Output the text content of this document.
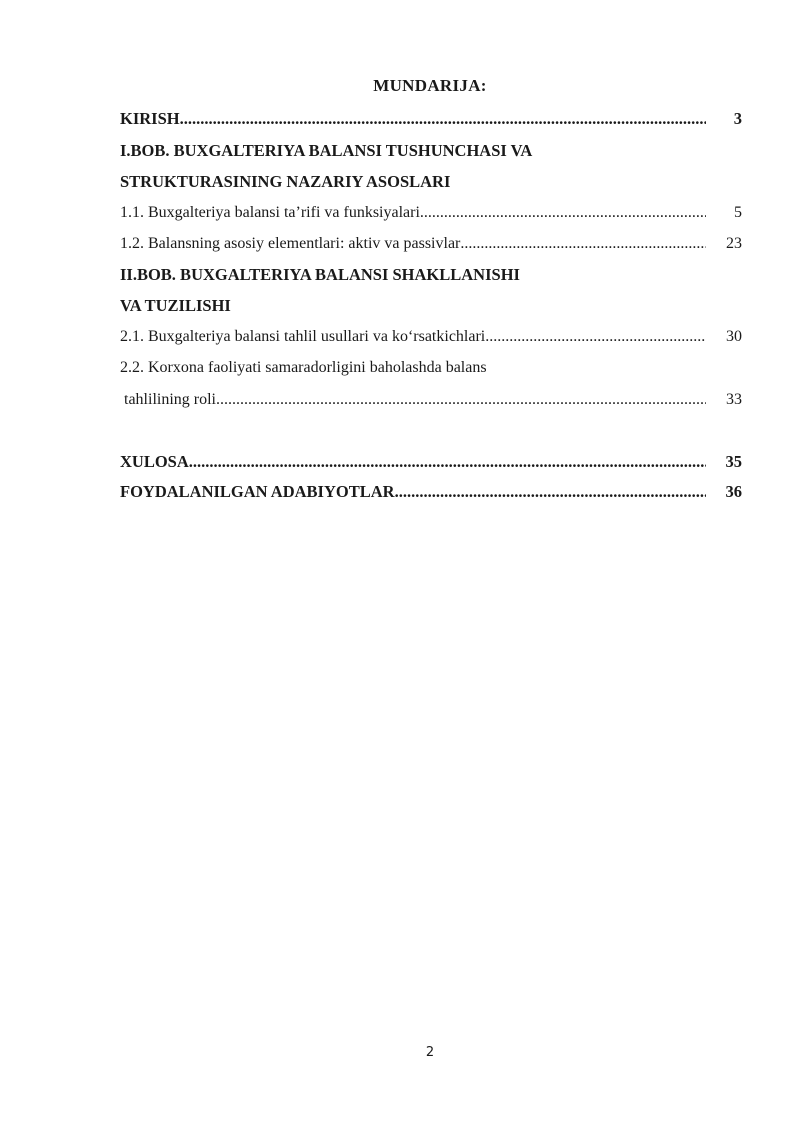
MUNDARIJA:
KIRISH .....	3
I.BOB. BUXGALTERIYA BALANSI TUSHUNCHASI VA
STRUKTURASINING NAZARIY ASOSLARI
1.1. Buxgalteriya balansi ta’rifi va funksiyalari .....	5
1.2. Balansning asosiy elementlari: aktiv va passivlar .....	23
II.BOB. BUXGALTERIYA BALANSI SHAKLLANISHI
VA TUZILISHI
2.1. Buxgalteriya balansi tahlil usullari va ko‘rsatkichlari .....	30
2.2. Korxona faoliyati samaradorligini baholashda balans
tahlilining roli .....	33
XULOSA .....	35
FOYDALANILGAN ADABIYOTLAR .....	36
2
